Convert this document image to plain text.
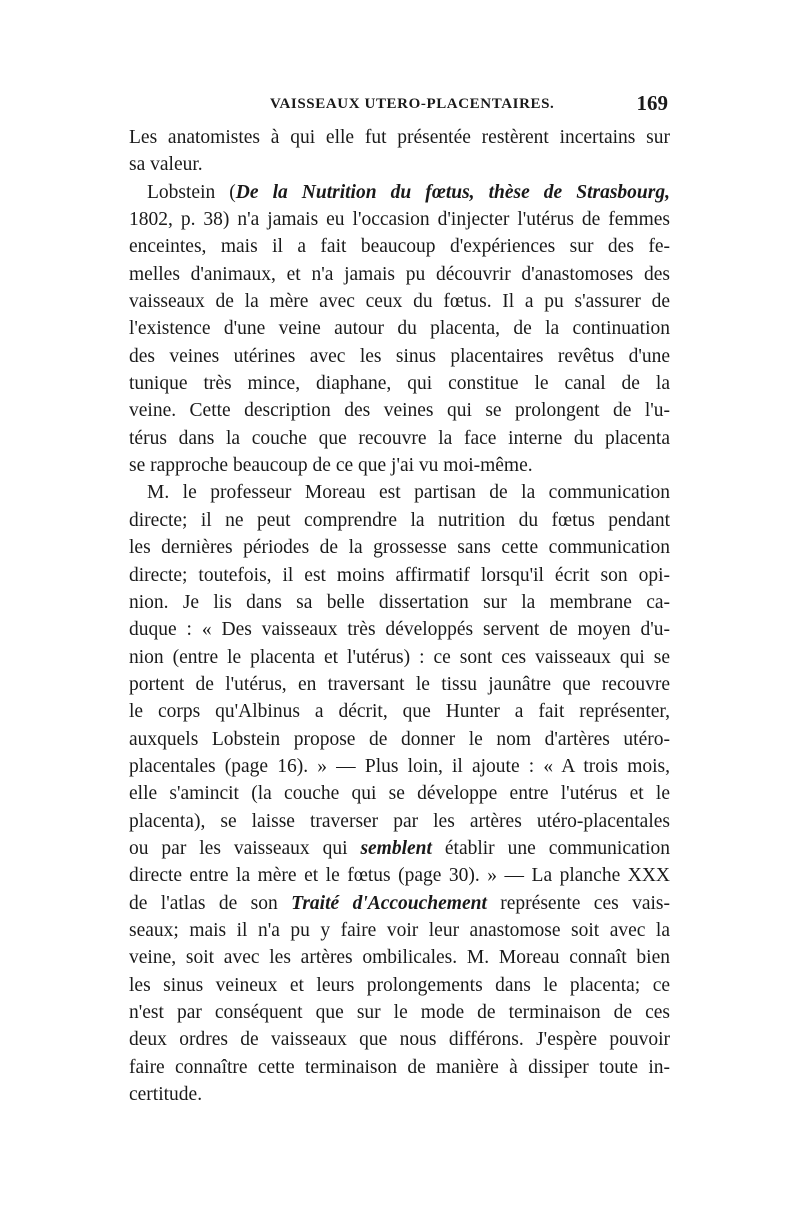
VAISSEAUX UTERO-PLACENTAIRES.	169
Les anatomistes à qui elle fut présentée restèrent incertains sur
sa valeur.
Lobstein (De la Nutrition du fœtus, thèse de Strasbourg,
1802, p. 38) n'a jamais eu l'occasion d'injecter l'utérus de femmes
enceintes, mais il a fait beaucoup d'expériences sur des fe-
melles d'animaux, et n'a jamais pu découvrir d'anastomoses des
vaisseaux de la mère avec ceux du fœtus. Il a pu s'assurer de
l'existence d'une veine autour du placenta, de la continuation
des veines utérines avec les sinus placentaires revêtus d'une
tunique très mince, diaphane, qui constitue le canal de la
veine. Cette description des veines qui se prolongent de l'u-
térus dans la couche que recouvre la face interne du placenta
se rapproche beaucoup de ce que j'ai vu moi-même.
M. le professeur Moreau est partisan de la communication
directe; il ne peut comprendre la nutrition du fœtus pendant
les dernières périodes de la grossesse sans cette communication
directe; toutefois, il est moins affirmatif lorsqu'il écrit son opi-
nion. Je lis dans sa belle dissertation sur la membrane ca-
duque : « Des vaisseaux très développés servent de moyen d'u-
nion (entre le placenta et l'utérus) : ce sont ces vaisseaux qui se
portent de l'utérus, en traversant le tissu jaunâtre que recouvre
le corps qu'Albinus a décrit, que Hunter a fait représenter,
auxquels Lobstein propose de donner le nom d'artères utéro-
placentales (page 16). » — Plus loin, il ajoute : « A trois mois,
elle s'amincit (la couche qui se développe entre l'utérus et le
placenta), se laisse traverser par les artères utéro-placentales
ou par les vaisseaux qui semblent établir une communication
directe entre la mère et le fœtus (page 30). » — La planche XXX
de l'atlas de son Traité d'Accouchement représente ces vais-
seaux; mais il n'a pu y faire voir leur anastomose soit avec la
veine, soit avec les artères ombilicales. M. Moreau connaît bien
les sinus veineux et leurs prolongements dans le placenta; ce
n'est par conséquent que sur le mode de terminaison de ces
deux ordres de vaisseaux que nous différons. J'espère pouvoir
faire connaître cette terminaison de manière à dissiper toute in-
certitude.
